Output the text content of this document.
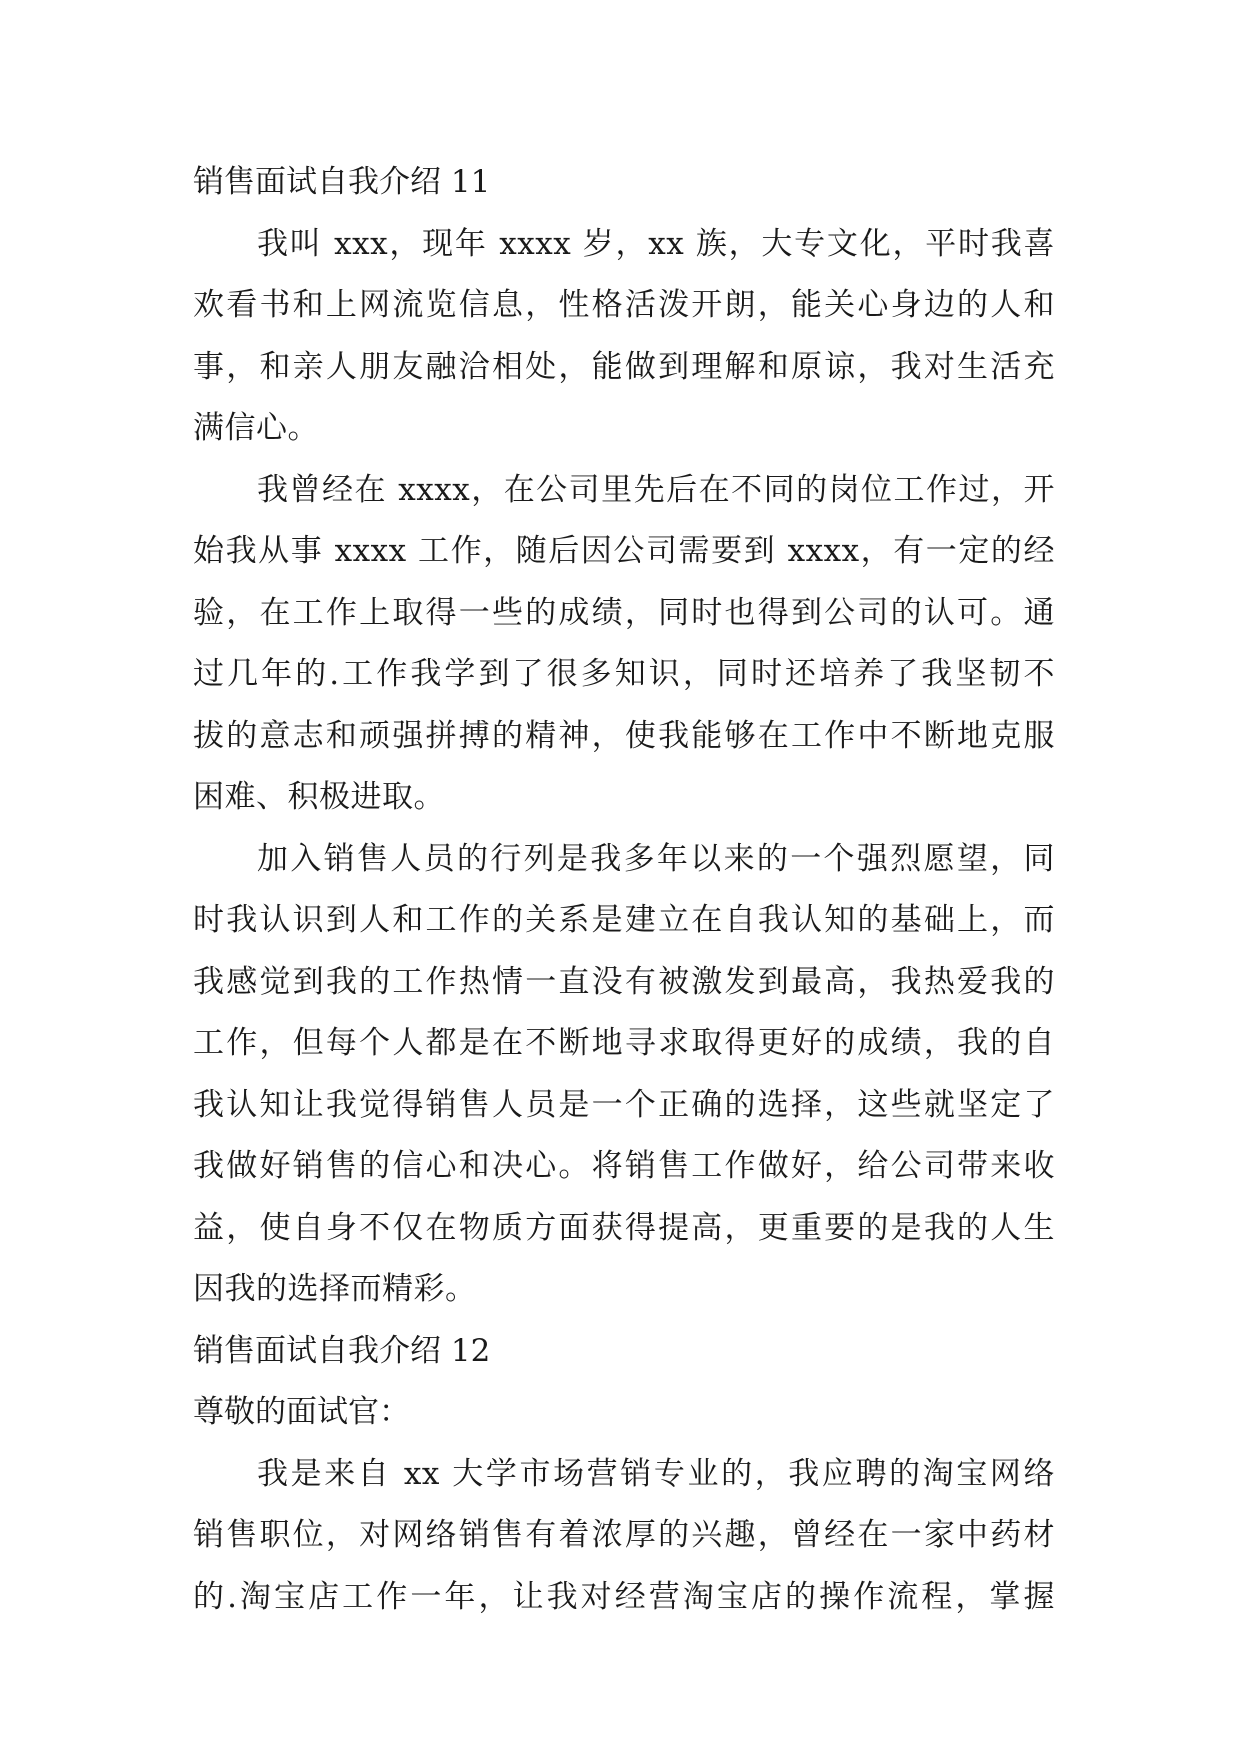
销售面试自我介绍 11
我叫 xxx，现年 xxxx 岁，xx 族，大专文化，平时我喜
欢看书和上网流览信息，性格活泼开朗，能关心身边的人和
事，和亲人朋友融洽相处，能做到理解和原谅，我对生活充
满信心。
我曾经在 xxxx，在公司里先后在不同的岗位工作过，开
始我从事 xxxx 工作，随后因公司需要到 xxxx，有一定的经
验，在工作上取得一些的成绩，同时也得到公司的认可。通
过几年的.工作我学到了很多知识，同时还培养了我坚韧不
拔的意志和顽强拼搏的精神，使我能够在工作中不断地克服
困难、积极进取。
加入销售人员的行列是我多年以来的一个强烈愿望，同
时我认识到人和工作的关系是建立在自我认知的基础上，而
我感觉到我的工作热情一直没有被激发到最高，我热爱我的
工作，但每个人都是在不断地寻求取得更好的成绩，我的自
我认知让我觉得销售人员是一个正确的选择，这些就坚定了
我做好销售的信心和决心。将销售工作做好，给公司带来收
益，使自身不仅在物质方面获得提高，更重要的是我的人生
因我的选择而精彩。
销售面试自我介绍 12

尊敬的面试官：

我是来自 xx 大学市场营销专业的，我应聘的淘宝网络
销售职位，对网络销售有着浓厚的兴趣，曾经在一家中药材
的.淘宝店工作一年，让我对经营淘宝店的操作流程，掌握
